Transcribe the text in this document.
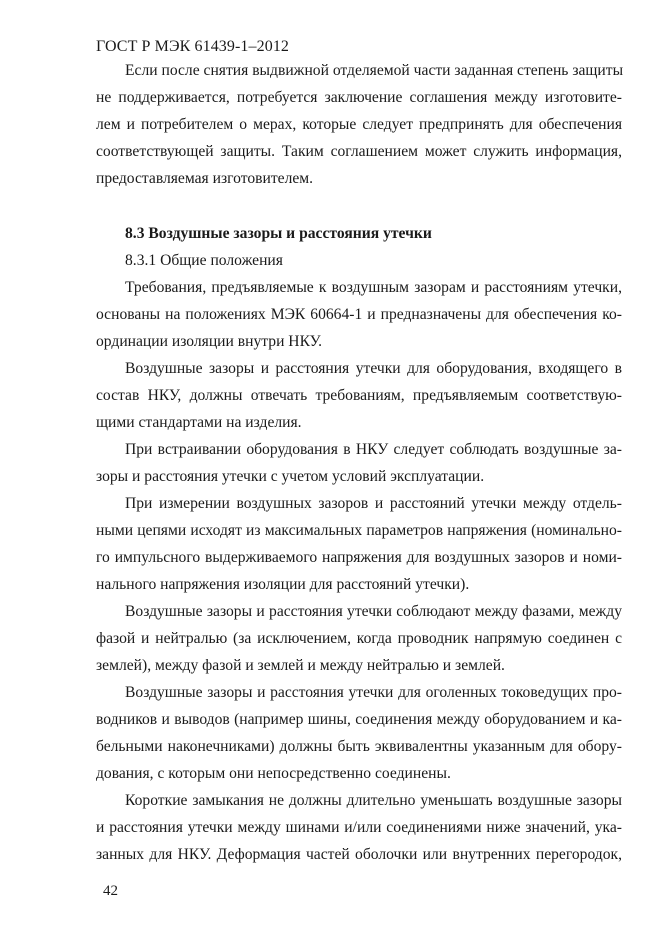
ГОСТ Р МЭК 61439-1–2012
Если после снятия выдвижной отделяемой части заданная степень защиты
не поддерживается, потребуется заключение соглашения между изготовите-
лем и потребителем о мерах, которые следует предпринять для обеспечения
соответствующей защиты. Таким соглашением может служить информация,
предоставляемая изготовителем.
8.3 Воздушные зазоры и расстояния утечки
8.3.1 Общие положения
Требования, предъявляемые к воздушным зазорам и расстояниям утечки,
основаны на положениях МЭК 60664-1 и предназначены для обеспечения ко-
ординации изоляции внутри НКУ.
Воздушные зазоры и расстояния утечки для оборудования, входящего в
состав НКУ, должны отвечать требованиям, предъявляемым соответствую-
щими стандартами на изделия.
При встраивании оборудования в НКУ следует соблюдать воздушные за-
зоры и расстояния утечки с учетом условий эксплуатации.
При измерении воздушных зазоров и расстояний утечки между отдель-
ными цепями исходят из максимальных параметров напряжения (номинально-
го импульсного выдерживаемого напряжения для воздушных зазоров и номи-
нального напряжения изоляции для расстояний утечки).
Воздушные зазоры и расстояния утечки соблюдают между фазами, между
фазой и нейтралью (за исключением, когда проводник напрямую соединен с
землей), между фазой и землей и между нейтралью и землей.
Воздушные зазоры и расстояния утечки для оголенных токоведущих про-
водников и выводов (например шины, соединения между оборудованием и ка-
бельными наконечниками) должны быть эквивалентны указанным для обору-
дования, с которым они непосредственно соединены.
Короткие замыкания не должны длительно уменьшать воздушные зазоры
и расстояния утечки между шинами и/или соединениями ниже значений, ука-
занных для НКУ. Деформация частей оболочки или внутренних перегородок,
42
